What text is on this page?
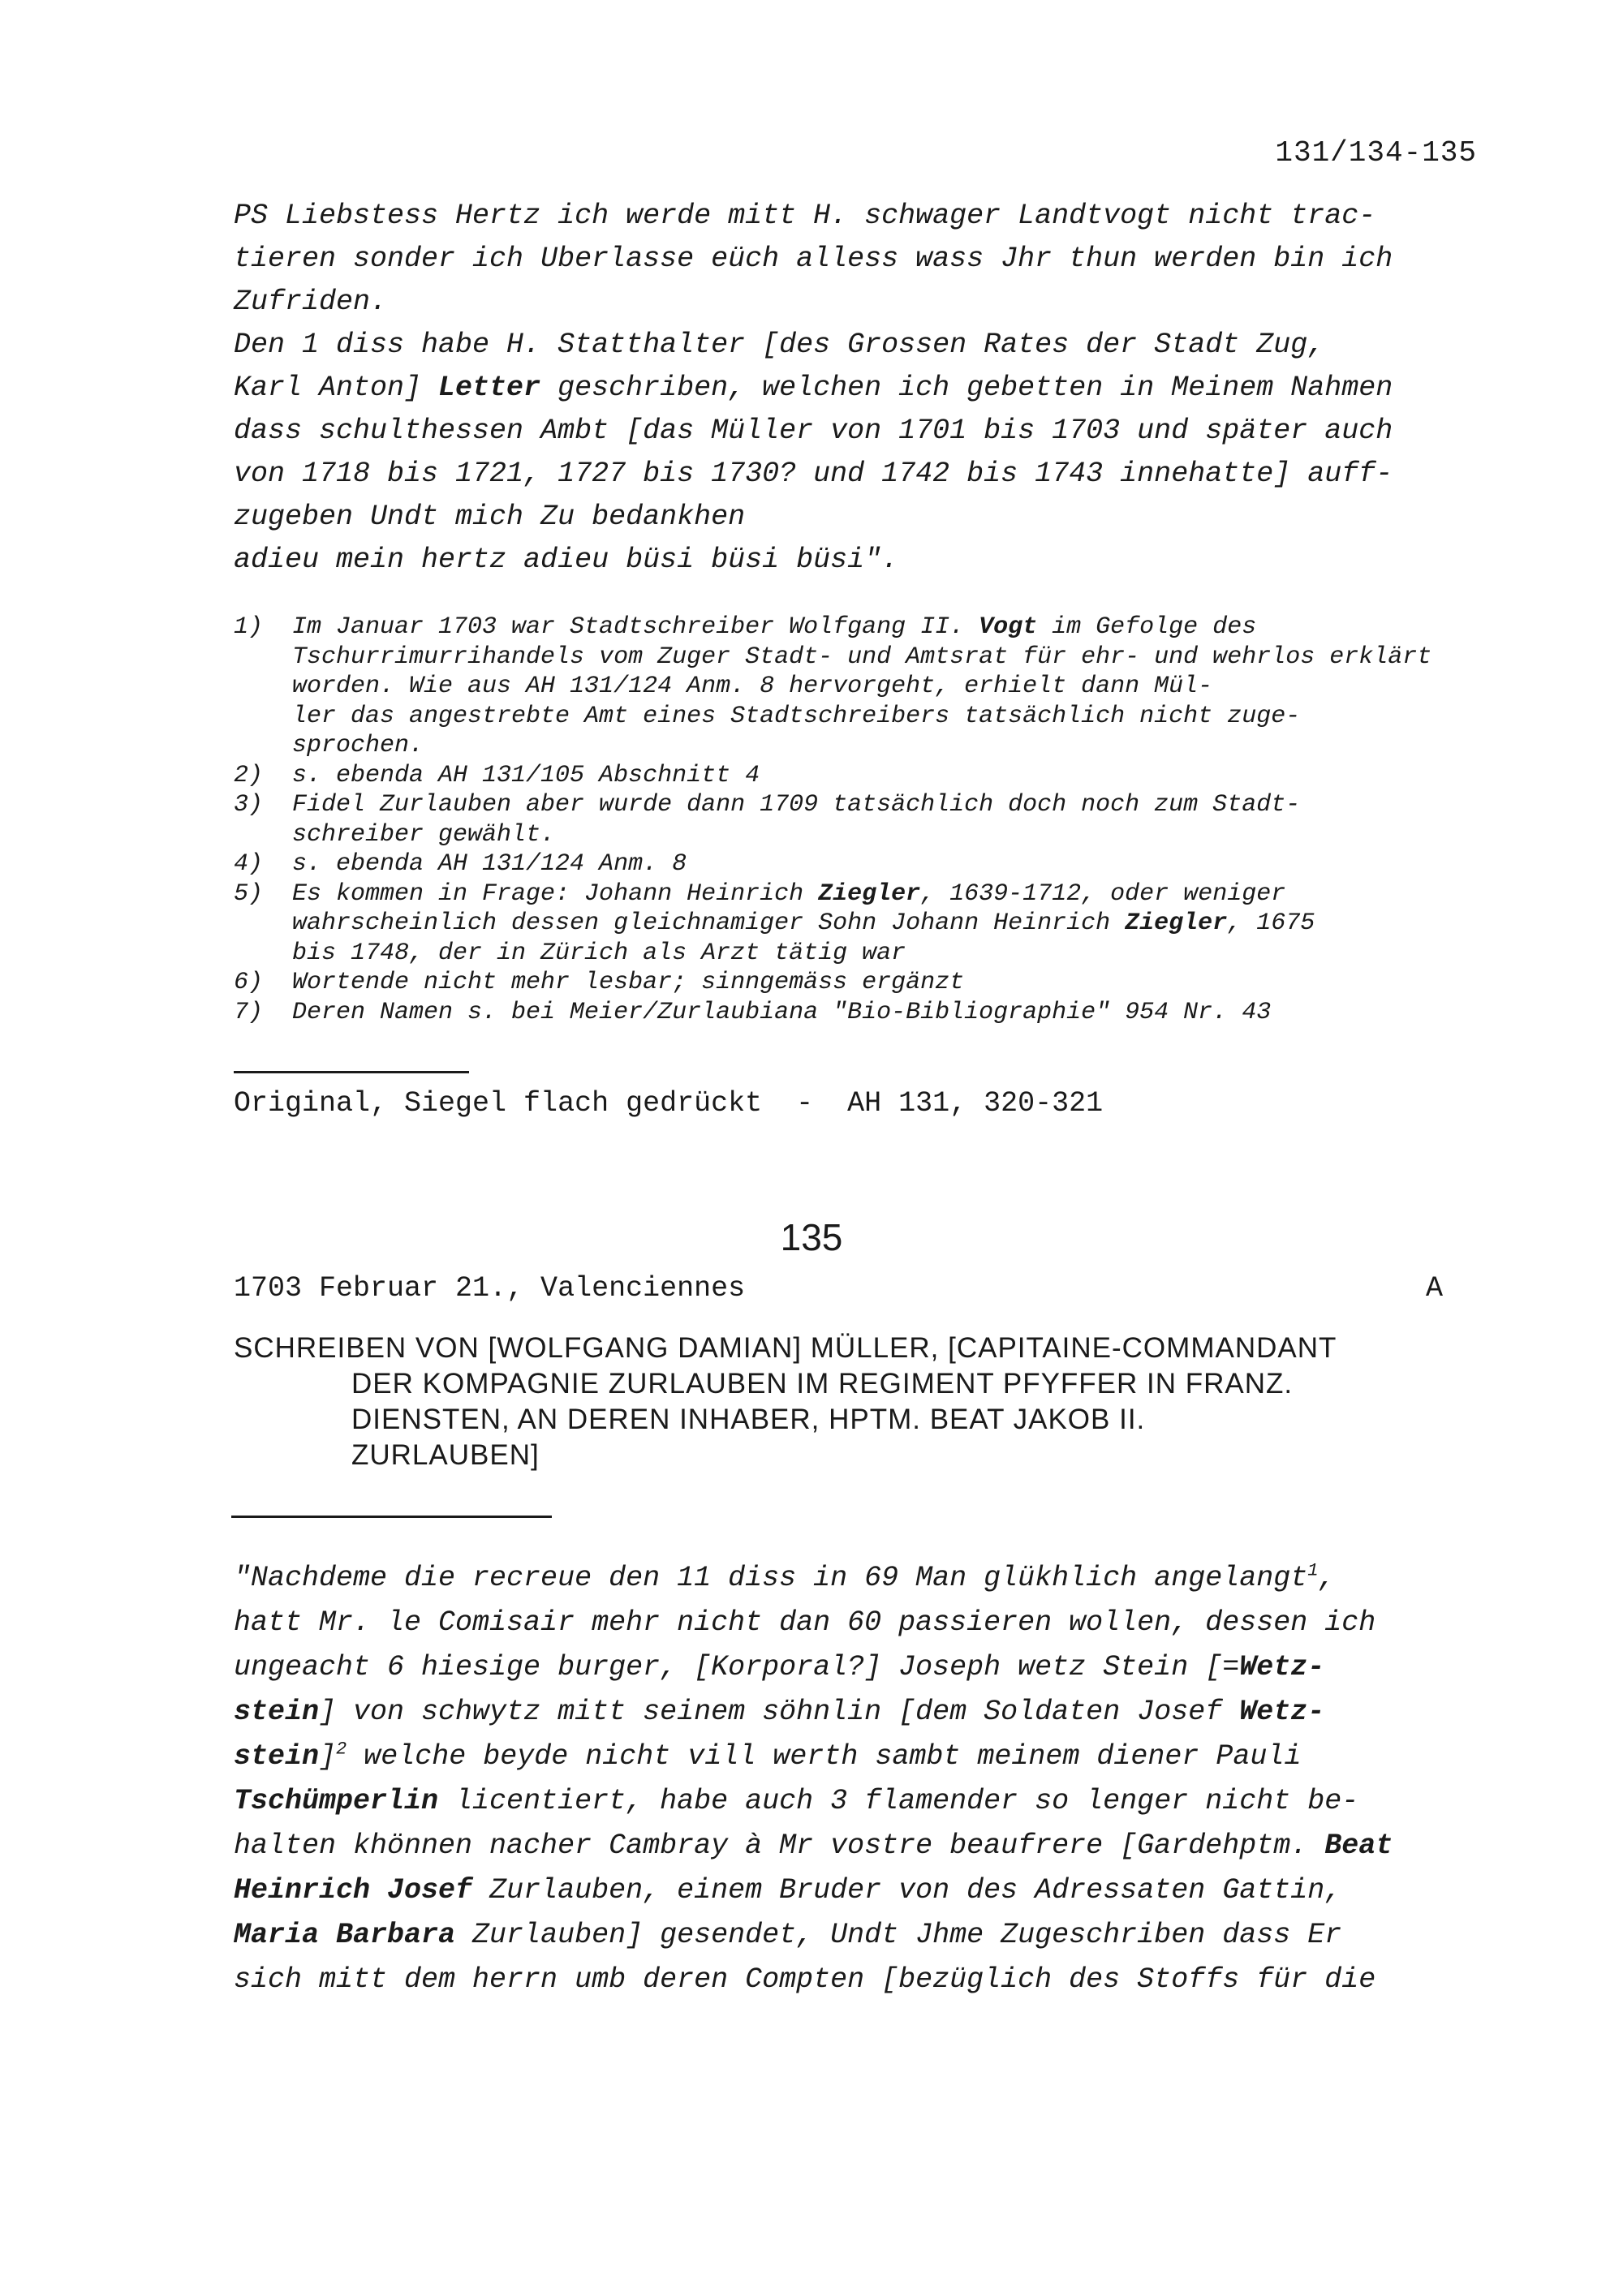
131/134-135

PS Liebstess Hertz ich werde mitt H. schwager Landtvogt nicht trac-

tieren sonder ich Uberlasse eüch alless wass Jhr thun werden bin ich

Zufriden.

Den 1 diss habe H. Statthalter [des Grossen Rates der Stadt Zug,

Karl Anton] Letter geschriben, welchen ich gebetten in Meinem Nahmen

dass schulthessen Ambt [das Müller von 1701 bis 1703 und später auch

von 1718 bis 1721, 1727 bis 1730? und 1742 bis 1743 innehatte] auff-

zugeben Undt mich Zu bedankhen

adieu mein hertz adieu büsi büsi büsi".

1)	Im Januar 1703 war Stadtschreiber Wolfgang II. Vogt im Gefolge des Tschurrimurrihandels vom Zuger Stadt- und Amtsrat für ehr- und wehrlos erklärt worden. Wie aus AH 131/124 Anm. 8 hervorgeht, erhielt dann Mül-
ler das angestrebte Amt eines Stadtschreibers tatsächlich nicht zuge-
sprochen.
2)	s. ebenda AH 131/105 Abschnitt 4
3)	Fidel Zurlauben aber wurde dann 1709 tatsächlich doch noch zum Stadt-
schreiber gewählt.
4)	s. ebenda AH 131/124 Anm. 8
5)	Es kommen in Frage: Johann Heinrich Ziegler, 1639-1712, oder weniger
wahrscheinlich dessen gleichnamiger Sohn Johann Heinrich Ziegler, 1675
bis 1748, der in Zürich als Arzt tätig war
6)	Wortende nicht mehr lesbar; sinngemäss ergänzt
7)	Deren Namen s. bei Meier/Zurlaubiana "Bio-Bibliographie" 954 Nr. 43
Original, Siegel flach gedrückt  -  AH 131, 320-321
135
1703 Februar 21., Valenciennes	A
SCHREIBEN VON [WOLFGANG DAMIAN] MÜLLER, [CAPITAINE-COMMANDANT
DER KOMPAGNIE ZURLAUBEN IM REGIMENT PFYFFER IN FRANZ.
DIENSTEN, AN DEREN INHABER, HPTM. BEAT JAKOB II.
ZURLAUBEN]
"Nachdeme die recreue den 11 diss in 69 Man glükhlich angelangt$^1$,
hatt Mr. le Comisair mehr nicht dan 60 passieren wollen, dessen ich
ungeacht 6 hiesige burger, [Korporal?] Joseph wetz Stein [=Wetz-
stein] von schwytz mitt seinem söhnlin [dem Soldaten Josef Wetz-
stein]$^2$ welche beyde nicht vill werth sambt meinem diener Pauli
Tschümperlin licentiert, habe auch 3 flamender so lenger nicht be-
halten khönnen nacher Cambray à Mr vostre beaufrere [Gardehptm. Beat
Heinrich Josef Zurlauben, einem Bruder von des Adressaten Gattin,
Maria Barbara Zurlauben] gesendet, Undt Jhme Zugeschriben dass Er
sich mitt dem herrn umb deren Compten [bezüglich des Stoffs für die
